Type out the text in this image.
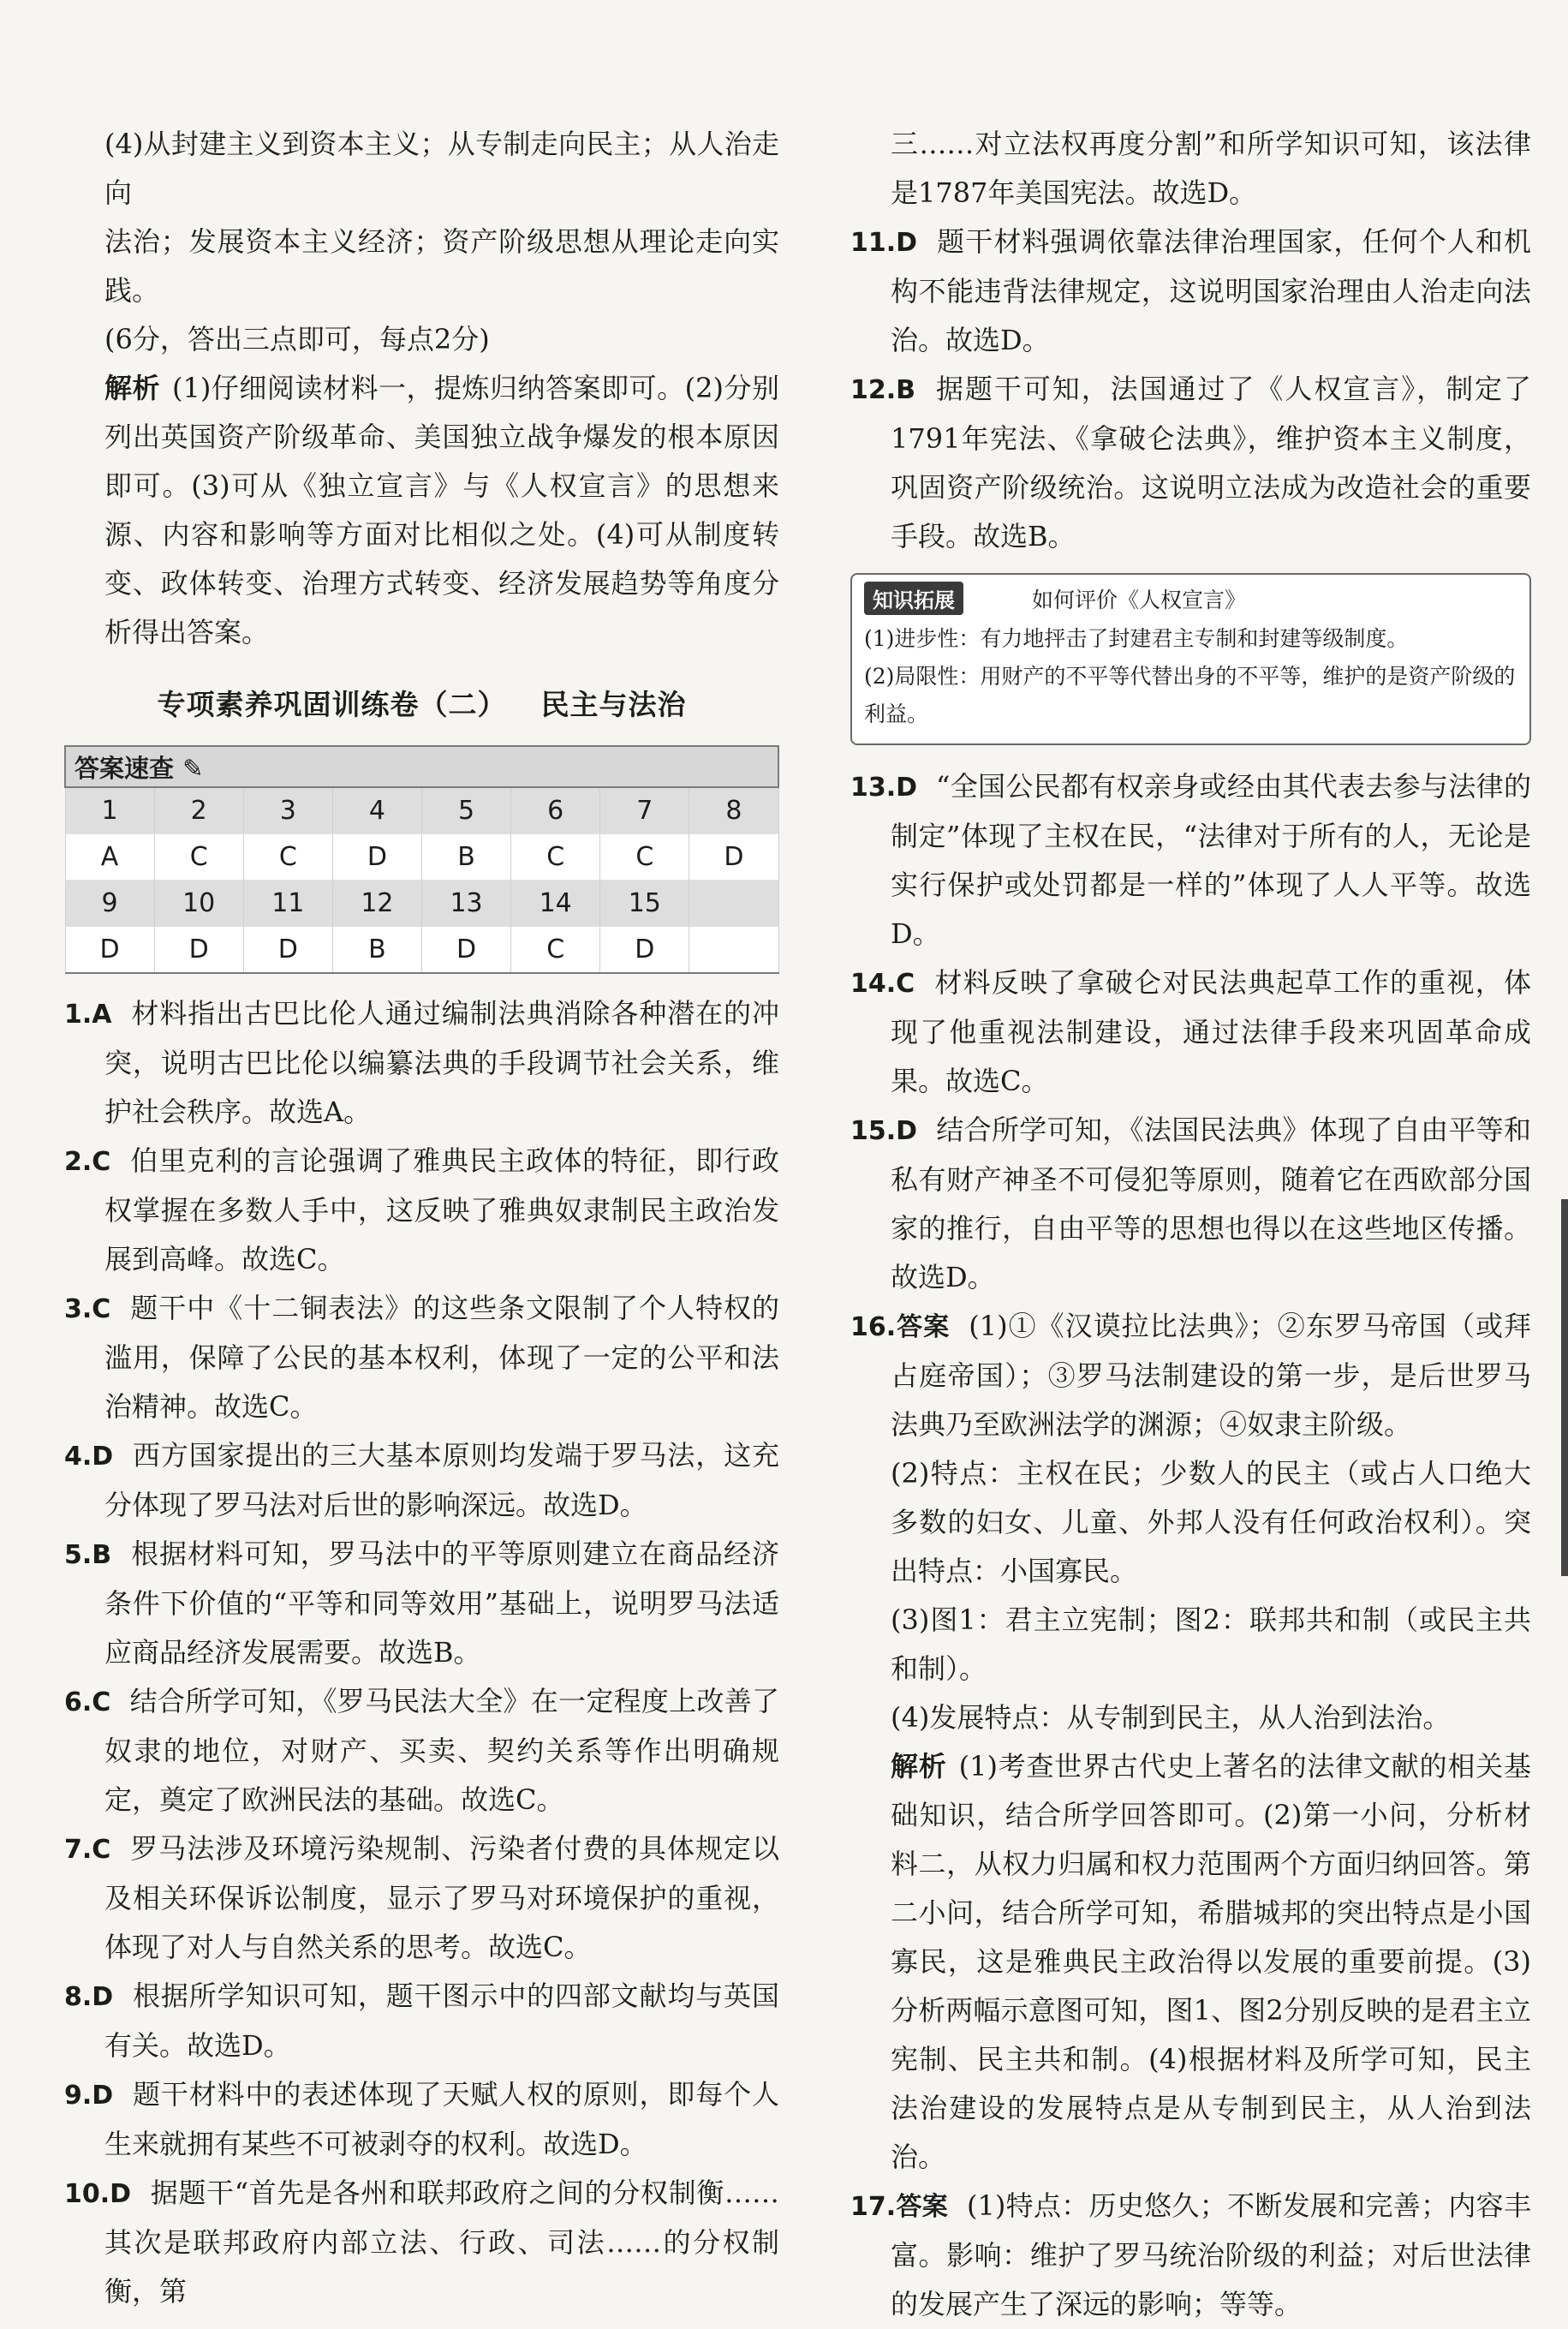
(4)从封建主义到资本主义；从专制走向民主；从人治走向

法治；发展资本主义经济；资产阶级思想从理论走向实践。

(6分，答出三点即可，每点2分)

解析 (1)仔细阅读材料一，提炼归纳答案即可。(2)分别列出英国资产阶级革命、美国独立战争爆发的根本原因即可。(3)可从《独立宣言》与《人权宣言》的思想来源、内容和影响等方面对比相似之处。(4)可从制度转变、政体转变、治理方式转变、经济发展趋势等角度分析得出答案。

专项素养巩固训练卷（二） 民主与法治
答案速查 ✎							
1	2	3	4	5	6	7	8
A	C	C	D	B	C	C	D
9	10	11	12	13	14	15	
D	D	D	B	D	C	D	

1.A 材料指出古巴比伦人通过编制法典消除各种潜在的冲突，说明古巴比伦以编纂法典的手段调节社会关系，维护社会秩序。故选A。

2.C 伯里克利的言论强调了雅典民主政体的特征，即行政权掌握在多数人手中，这反映了雅典奴隶制民主政治发展到高峰。故选C。

3.C 题干中《十二铜表法》的这些条文限制了个人特权的滥用，保障了公民的基本权利，体现了一定的公平和法治精神。故选C。

4.D 西方国家提出的三大基本原则均发端于罗马法，这充分体现了罗马法对后世的影响深远。故选D。

5.B 根据材料可知，罗马法中的平等原则建立在商品经济条件下价值的“平等和同等效用”基础上，说明罗马法适应商品经济发展需要。故选B。

6.C 结合所学可知，《罗马民法大全》在一定程度上改善了奴隶的地位，对财产、买卖、契约关系等作出明确规定，奠定了欧洲民法的基础。故选C。

7.C 罗马法涉及环境污染规制、污染者付费的具体规定以及相关环保诉讼制度，显示了罗马对环境保护的重视，体现了对人与自然关系的思考。故选C。

8.D 根据所学知识可知，题干图示中的四部文献均与英国有关。故选D。

9.D 题干材料中的表述体现了天赋人权的原则，即每个人生来就拥有某些不可被剥夺的权利。故选D。

10.D 据题干“首先是各州和联邦政府之间的分权制衡……其次是联邦政府内部立法、行政、司法……的分权制衡，第

三……对立法权再度分割”和所学知识可知，该法律是1787年美国宪法。故选D。

11.D 题干材料强调依靠法律治理国家，任何个人和机构不能违背法律规定，这说明国家治理由人治走向法治。故选D。

12.B 据题干可知，法国通过了《人权宣言》，制定了1791年宪法、《拿破仑法典》，维护资本主义制度，巩固资产阶级统治。这说明立法成为改造社会的重要手段。故选B。

知识拓展	如何评价《人权宣言》
(1)进步性：有力地抨击了封建君主专制和封建等级制度。
(2)局限性：用财产的不平等代替出身的不平等，维护的是资产阶级的利益。

13.D “全国公民都有权亲身或经由其代表去参与法律的制定”体现了主权在民，“法律对于所有的人，无论是实行保护或处罚都是一样的”体现了人人平等。故选D。

14.C 材料反映了拿破仑对民法典起草工作的重视，体现了他重视法制建设，通过法律手段来巩固革命成果。故选C。

15.D 结合所学可知，《法国民法典》体现了自由平等和私有财产神圣不可侵犯等原则，随着它在西欧部分国家的推行，自由平等的思想也得以在这些地区传播。故选D。

16.答案 (1)①《汉谟拉比法典》；②东罗马帝国（或拜占庭帝国）；③罗马法制建设的第一步，是后世罗马法典乃至欧洲法学的渊源；④奴隶主阶级。

(2)特点：主权在民；少数人的民主（或占人口绝大多数的妇女、儿童、外邦人没有任何政治权利）。突出特点：小国寡民。

(3)图1：君主立宪制；图2：联邦共和制（或民主共和制）。

(4)发展特点：从专制到民主，从人治到法治。

解析 (1)考查世界古代史上著名的法律文献的相关基础知识，结合所学回答即可。(2)第一小问，分析材料二，从权力归属和权力范围两个方面归纳回答。第二小问，结合所学可知，希腊城邦的突出特点是小国寡民，这是雅典民主政治得以发展的重要前提。(3)分析两幅示意图可知，图1、图2分别反映的是君主立宪制、民主共和制。(4)根据材料及所学可知，民主法治建设的发展特点是从专制到民主，从人治到法治。

17.答案 (1)特点：历史悠久；不断发展和完善；内容丰富。影响：维护了罗马统治阶级的利益；对后世法律的发展产生了深远的影响；等等。
